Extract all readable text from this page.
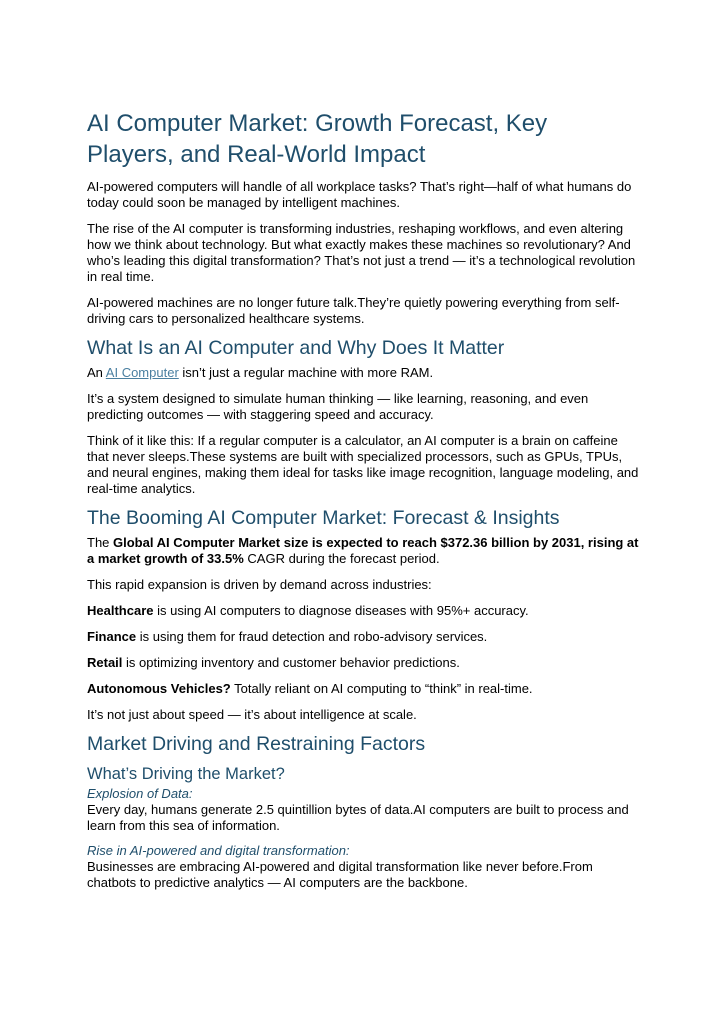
AI Computer Market: Growth Forecast, Key Players, and Real-World Impact

AI-powered computers will handle of all workplace tasks? That’s right—half of what humans do today could soon be managed by intelligent machines.

The rise of the AI computer is transforming industries, reshaping workflows, and even altering how we think about technology. But what exactly makes these machines so revolutionary? And who’s leading this digital transformation? That’s not just a trend — it’s a technological revolution in real time.

AI-powered machines are no longer future talk.They’re quietly powering everything from self-driving cars to personalized healthcare systems.

What Is an AI Computer and Why Does It Matter

An AI Computer isn’t just a regular machine with more RAM.

It’s a system designed to simulate human thinking — like learning, reasoning, and even predicting outcomes — with staggering speed and accuracy.

Think of it like this: If a regular computer is a calculator, an AI computer is a brain on caffeine that never sleeps.These systems are built with specialized processors, such as GPUs, TPUs, and neural engines, making them ideal for tasks like image recognition, language modeling, and real-time analytics.

The Booming AI Computer Market: Forecast & Insights

The Global AI Computer Market size is expected to reach $372.36 billion by 2031, rising at a market growth of 33.5% CAGR during the forecast period.

This rapid expansion is driven by demand across industries:

Healthcare is using AI computers to diagnose diseases with 95%+ accuracy.

Finance is using them for fraud detection and robo-advisory services.

Retail is optimizing inventory and customer behavior predictions.

Autonomous Vehicles? Totally reliant on AI computing to “think” in real-time.

It’s not just about speed — it’s about intelligence at scale.

Market Driving and Restraining Factors
What’s Driving the Market?
Explosion of Data:

Every day, humans generate 2.5 quintillion bytes of data.AI computers are built to process and learn from this sea of information.

Rise in AI-powered and digital transformation:

Businesses are embracing AI-powered and digital transformation like never before.From chatbots to predictive analytics — AI computers are the backbone.
